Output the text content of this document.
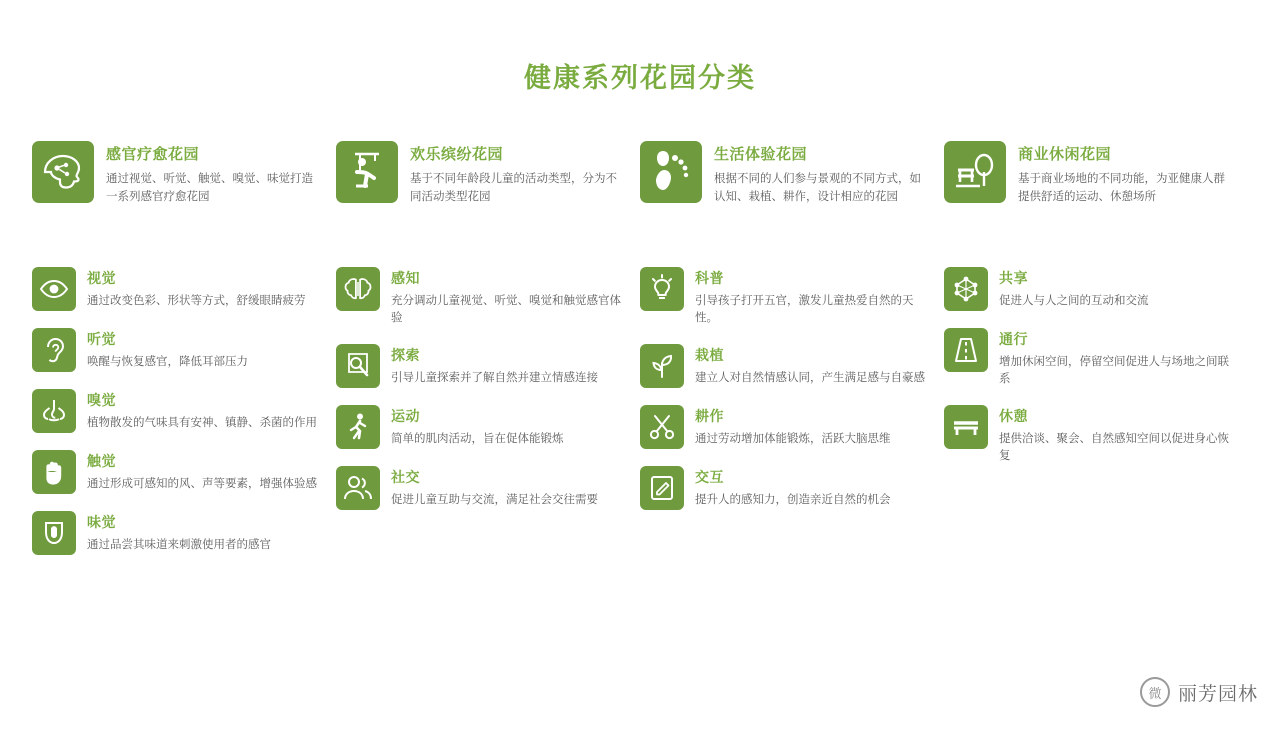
健康系列花园分类

感官疗愈花园

通过视觉、听觉、触觉、嗅觉、味觉打造一系列感官疗愈花园

视觉

通过改变色彩、形状等方式，舒缓眼睛疲劳

听觉

唤醒与恢复感官，降低耳部压力

嗅觉

植物散发的气味具有安神、镇静、杀菌的作用

触觉

通过形成可感知的风、声等要素，增强体验感

味觉

通过品尝其味道来刺激使用者的感官

欢乐缤纷花园

基于不同年龄段儿童的活动类型，分为不同活动类型花园

感知

充分调动儿童视觉、听觉、嗅觉和触觉感官体验

探索

引导儿童探索并了解自然并建立情感连接

运动

简单的肌肉活动，旨在促体能锻炼

社交

促进儿童互助与交流，满足社会交往需要

生活体验花园

根据不同的人们参与景观的不同方式，如认知、栽植、耕作，设计相应的花园

科普

引导孩子打开五官，激发儿童热爱自然的天性。

栽植

建立人对自然情感认同，产生满足感与自豪感

耕作

通过劳动增加体能锻炼，活跃大脑思维

交互

提升人的感知力，创造亲近自然的机会

商业休闲花园

基于商业场地的不同功能，为亚健康人群提供舒适的运动、休憩场所

共享

促进人与人之间的互动和交流

通行

增加休闲空间，停留空间促进人与场地之间联系

休憩

提供洽谈、聚会、自然感知空间以促进身心恢复

微 丽芳园林
